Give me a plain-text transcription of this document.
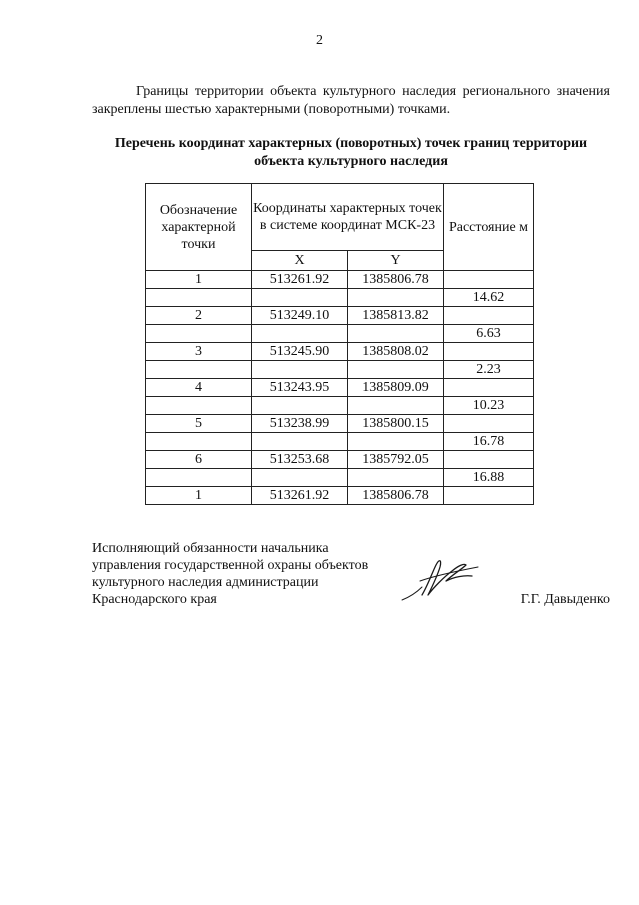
2

Границы территории объекта культурного наследия регионального значения закреплены шестью характерными (поворотными) точками.

Перечень координат характерных (поворотных) точек границ территории объекта культурного наследия

Обозначение характерной точки	Координаты характерных точек в системе координат МСК-23		Расстояние м
	X	Y	
1	513261.92	1385806.78	
			14.62
2	513249.10	1385813.82	
			6.63
3	513245.90	1385808.02	
			2.23
4	513243.95	1385809.09	
			10.23
5	513238.99	1385800.15	
			16.78
6	513253.68	1385792.05	
			16.88
1	513261.92	1385806.78	
Исполняющий обязанности начальника
управления государственной охраны объектов
культурного наследия администрации
Краснодарского края	Г.Г. Давыденко
